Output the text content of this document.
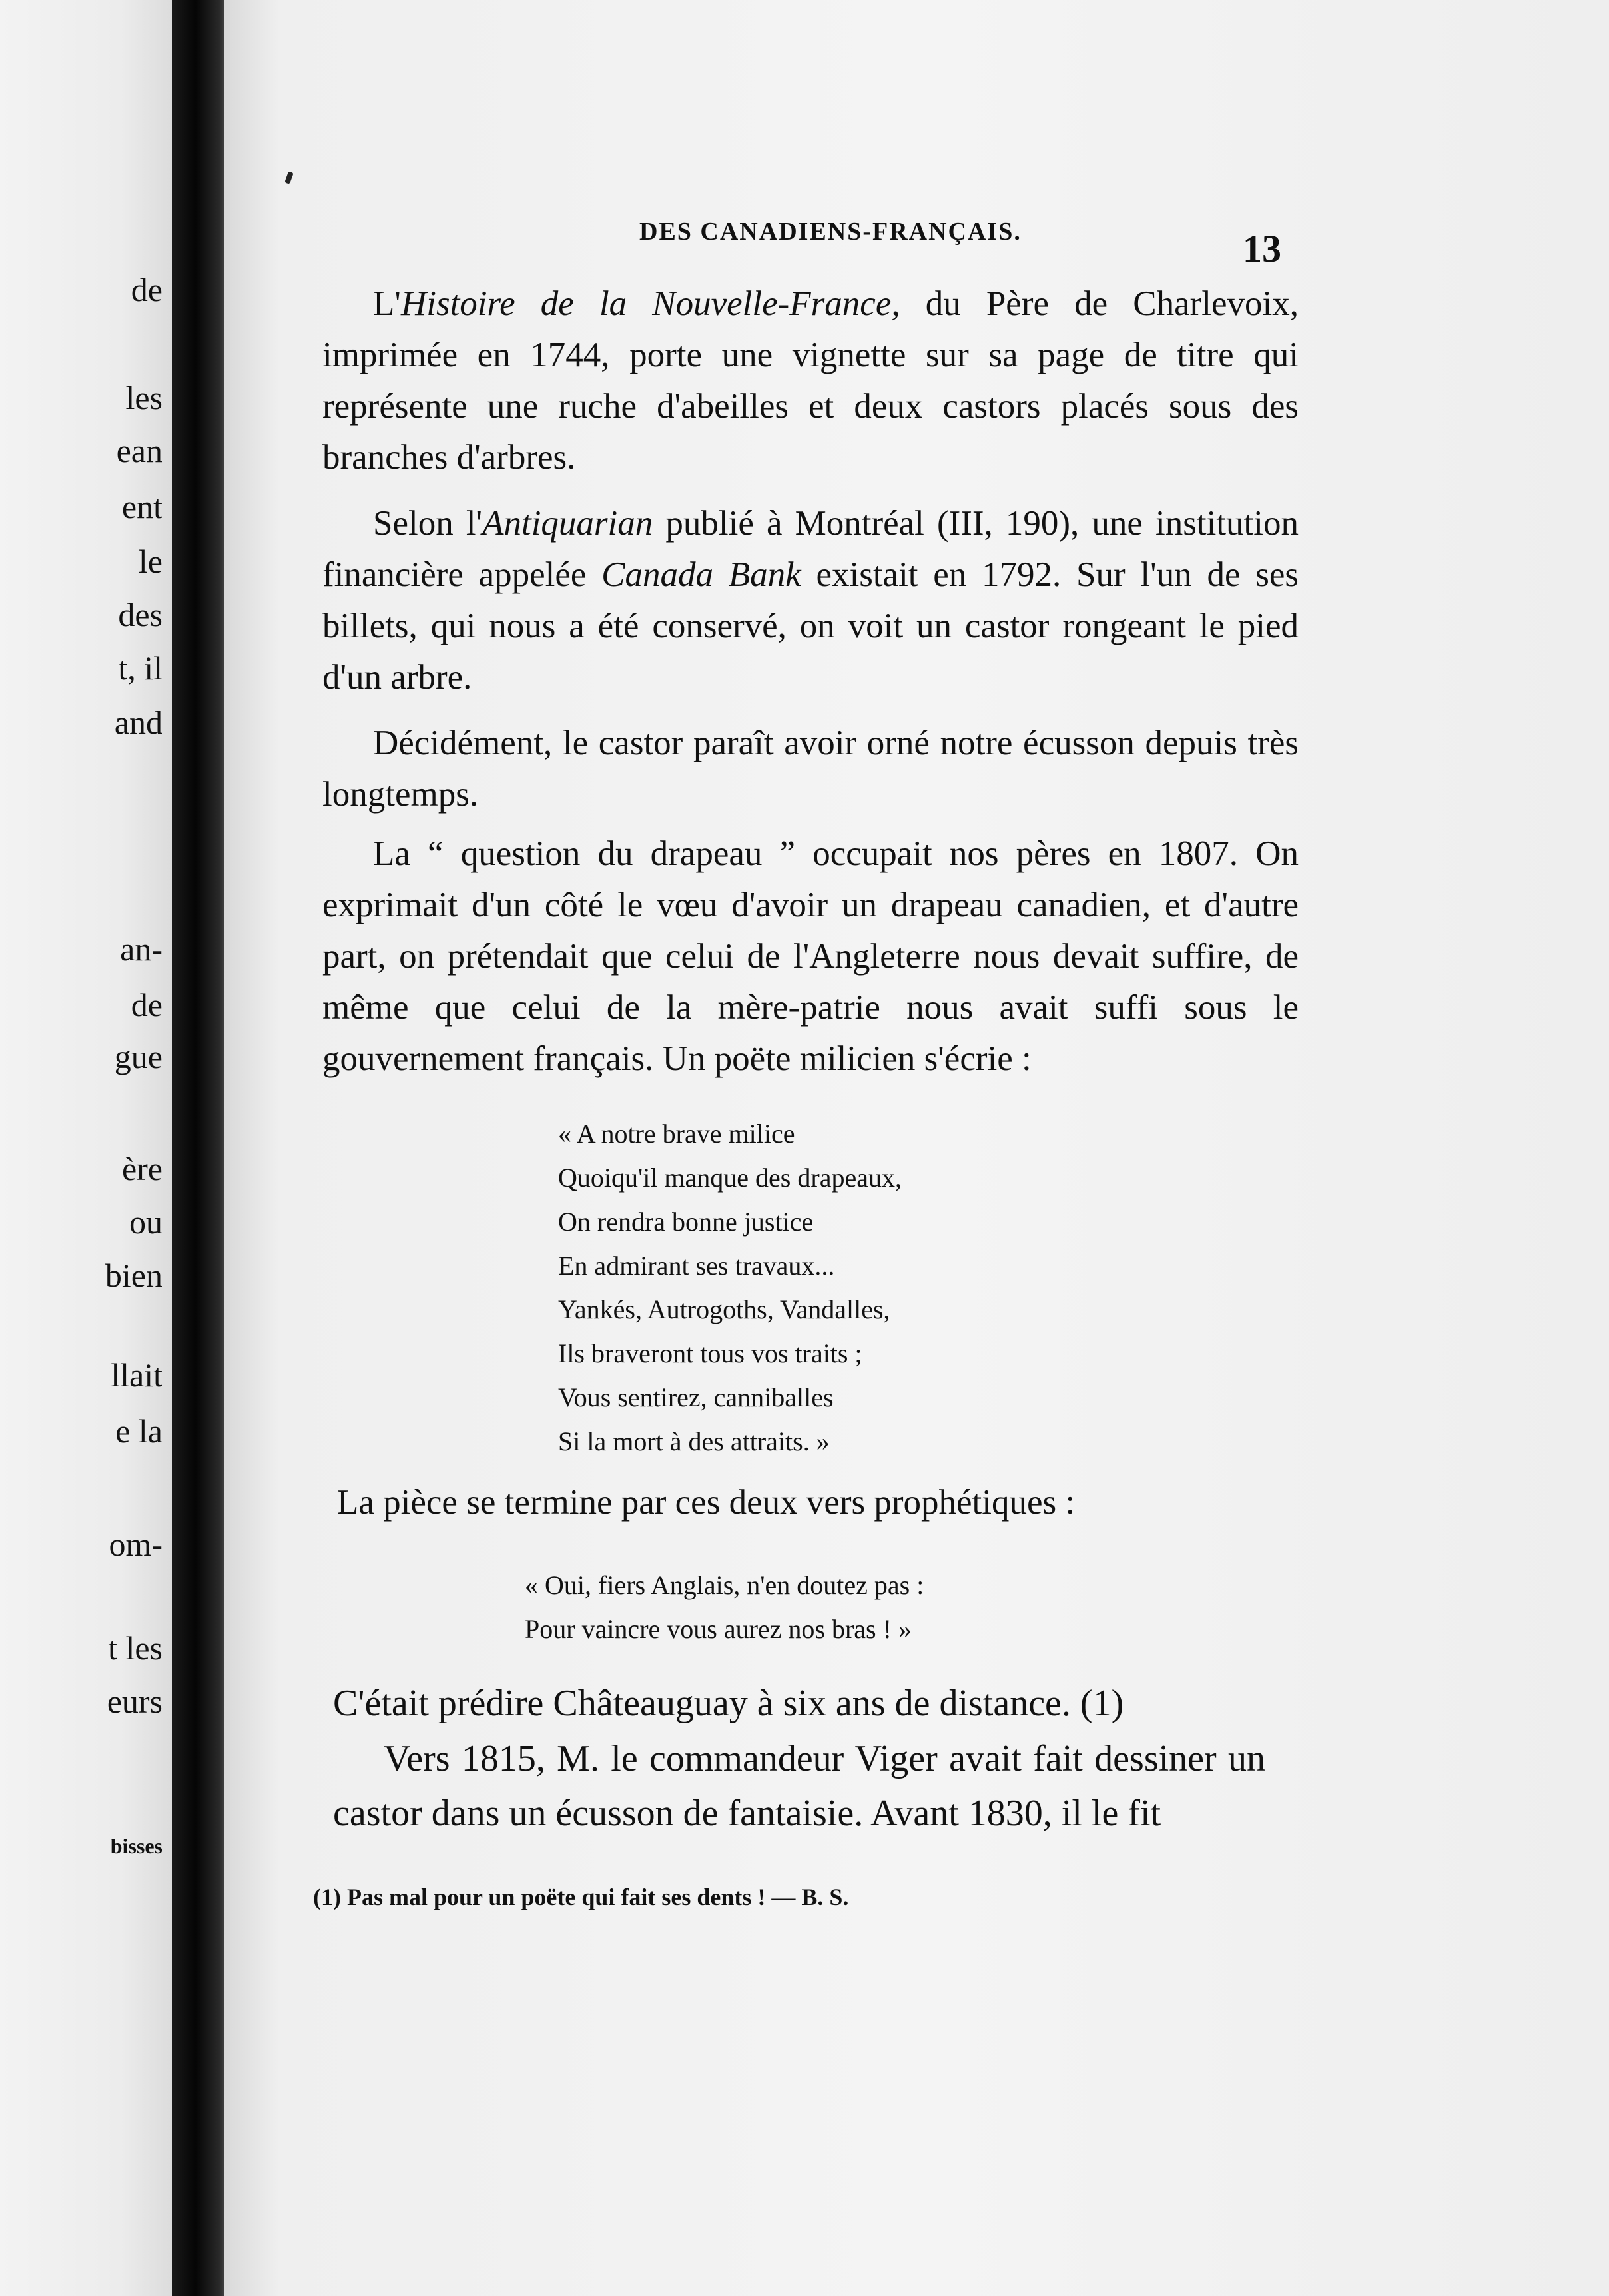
de
les
ean
ent
le
des
t, il
and
an-
de
gue
ère
ou
bien
llait
e la
om-
t les
eurs
bisses
DES CANADIENS-FRANÇAIS.	13

L'Histoire de la Nouvelle-France, du Père de Charlevoix, imprimée en 1744, porte une vignette sur sa page de titre qui représente une ruche d'abeilles et deux castors placés sous des branches d'arbres.

Selon l'Antiquarian publié à Montréal (III, 190), une institution financière appelée Canada Bank existait en 1792. Sur l'un de ses billets, qui nous a été conservé, on voit un castor rongeant le pied d'un arbre.

Décidément, le castor paraît avoir orné notre écusson depuis très longtemps.

La “ question du drapeau ” occupait nos pères en 1807. On exprimait d'un côté le vœu d'avoir un drapeau canadien, et d'autre part, on prétendait que celui de l'Angleterre nous devait suffire, de même que celui de la mère-patrie nous avait suffi sous le gouvernement français. Un poëte milicien s'écrie :

« A notre brave milice
Quoiqu'il manque des drapeaux,
On rendra bonne justice
En admirant ses travaux...
Yankés, Autrogoths, Vandalles,
Ils braveront tous vos traits ;
Vous sentirez, canniballes
Si la mort à des attraits. »

La pièce se termine par ces deux vers prophétiques :

« Oui, fiers Anglais, n'en doutez pas :
Pour vaincre vous aurez nos bras ! »

C'était prédire Châteauguay à six ans de distance. (1)

Vers 1815, M. le commandeur Viger avait fait dessiner un castor dans un écusson de fantaisie. Avant 1830, il le fit

(1) Pas mal pour un poëte qui fait ses dents ! — B. S.
